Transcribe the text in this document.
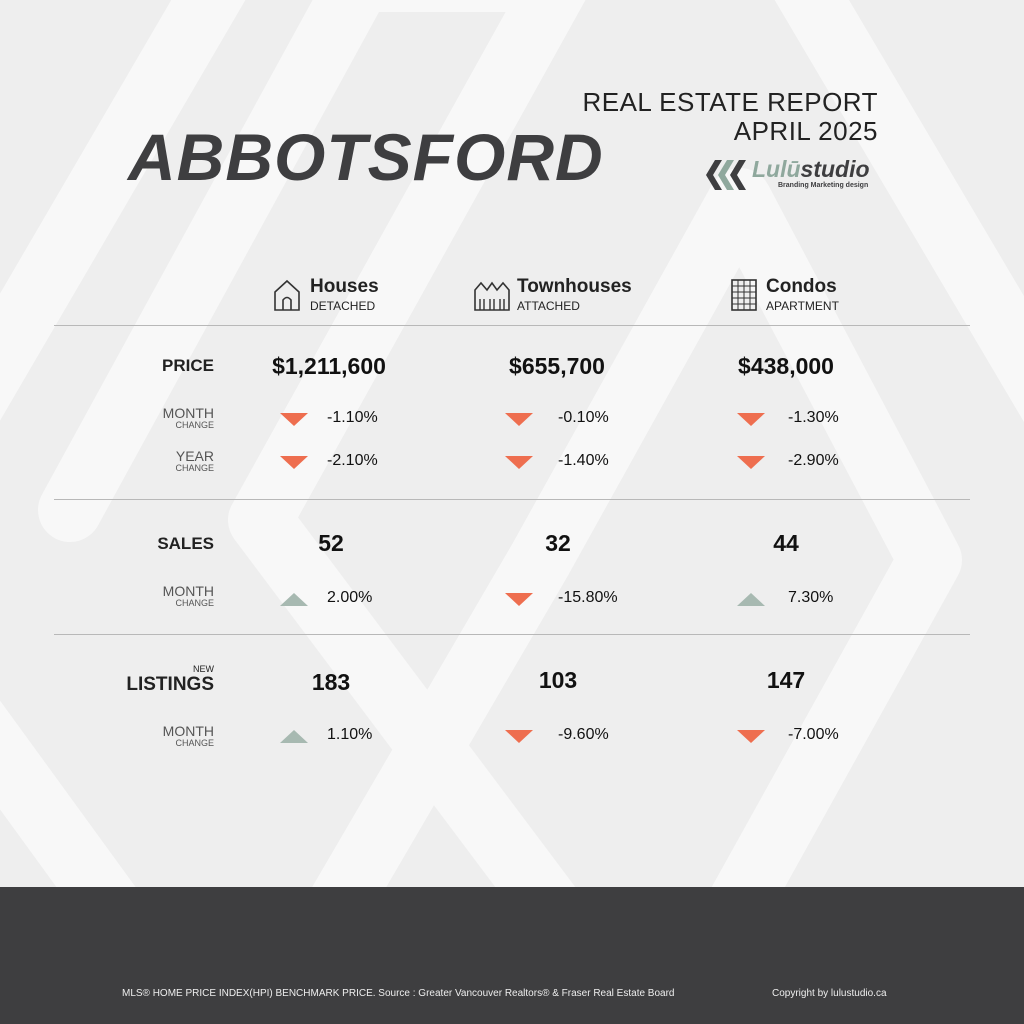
ABBOTSFORD
REAL ESTATE REPORT
APRIL 2025
Lulūstudio
Branding Marketing design
Houses
DETACHED
Townhouses
ATTACHED
Condos
APARTMENT
PRICE	$1,211,600	$655,700	$438,000
MONTH
CHANGE	-1.10%	-0.10%	-1.30%
YEAR
CHANGE	-2.10%	-1.40%	-2.90%
SALES	52	32	44
MONTH
CHANGE	2.00%	-15.80%	7.30%
NEW
LISTINGS	183	103	147
MONTH
CHANGE	1.10%	-9.60%	-7.00%
MLS® HOME PRICE INDEX(HPI) BENCHMARK PRICE. Source : Greater Vancouver Realtors® & Fraser Real Estate Board	Copyright by lulustudio.ca
